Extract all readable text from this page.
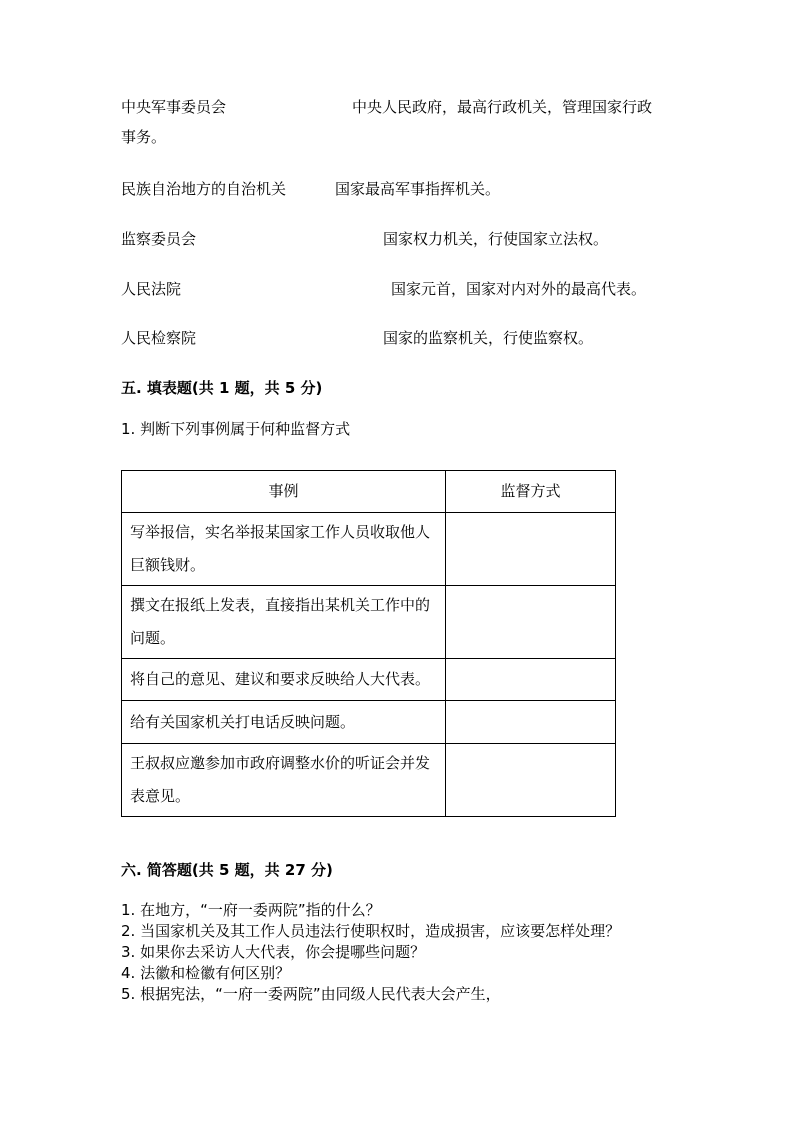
中央军事委员会	中央人民政府，最高行政机关，管理国家行政
事务。
民族自治地方的自治机关	国家最高军事指挥机关。
监察委员会	国家权力机关，行使国家立法权。
人民法院	国家元首，国家对内对外的最高代表。
人民检察院	国家的监察机关，行使监察权。
五. 填表题(共 1 题，共 5 分)
1. 判断下列事例属于何种监督方式
事例	监督方式
写举报信，实名举报某国家工作人员收取他人巨额钱财。	
撰文在报纸上发表，直接指出某机关工作中的问题。	
将自己的意见、建议和要求反映给人大代表。	
给有关国家机关打电话反映问题。	
王叔叔应邀参加市政府调整水价的听证会并发表意见。	
六. 简答题(共 5 题，共 27 分)
1. 在地方，“一府一委两院”指的什么？
2. 当国家机关及其工作人员违法行使职权时，造成损害，应该要怎样处理？
3. 如果你去采访人大代表，你会提哪些问题？
4. 法徽和检徽有何区别？
5. 根据宪法，“一府一委两院”由同级人民代表大会产生，
